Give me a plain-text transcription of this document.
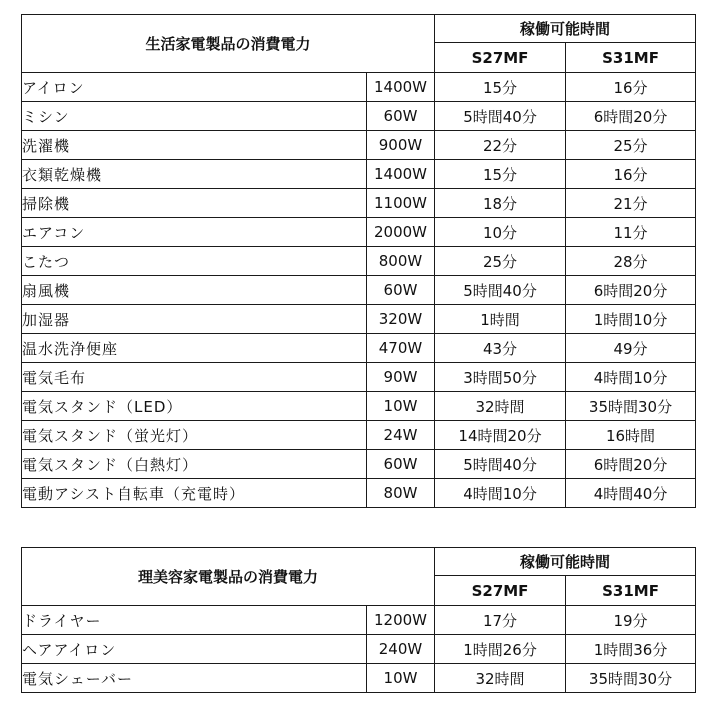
生活家電製品の消費電力		稼働可能時間	
		S27MF	S31MF
アイロン	1400W	15分	16分
ミシン	60W	5時間40分	6時間20分
洗濯機	900W	22分	25分
衣類乾燥機	1400W	15分	16分
掃除機	1100W	18分	21分
エアコン	2000W	10分	11分
こたつ	800W	25分	28分
扇風機	60W	5時間40分	6時間20分
加湿器	320W	1時間	1時間10分
温水洗浄便座	470W	43分	49分
電気毛布	90W	3時間50分	4時間10分
電気スタンド（LED）	10W	32時間	35時間30分
電気スタンド（蛍光灯）	24W	14時間20分	16時間
電気スタンド（白熱灯）	60W	5時間40分	6時間20分
電動アシスト自転車（充電時）	80W	4時間10分	4時間40分
理美容家電製品の消費電力		稼働可能時間	
		S27MF	S31MF
ドライヤー	1200W	17分	19分
ヘアアイロン	240W	1時間26分	1時間36分
電気シェーバー	10W	32時間	35時間30分
